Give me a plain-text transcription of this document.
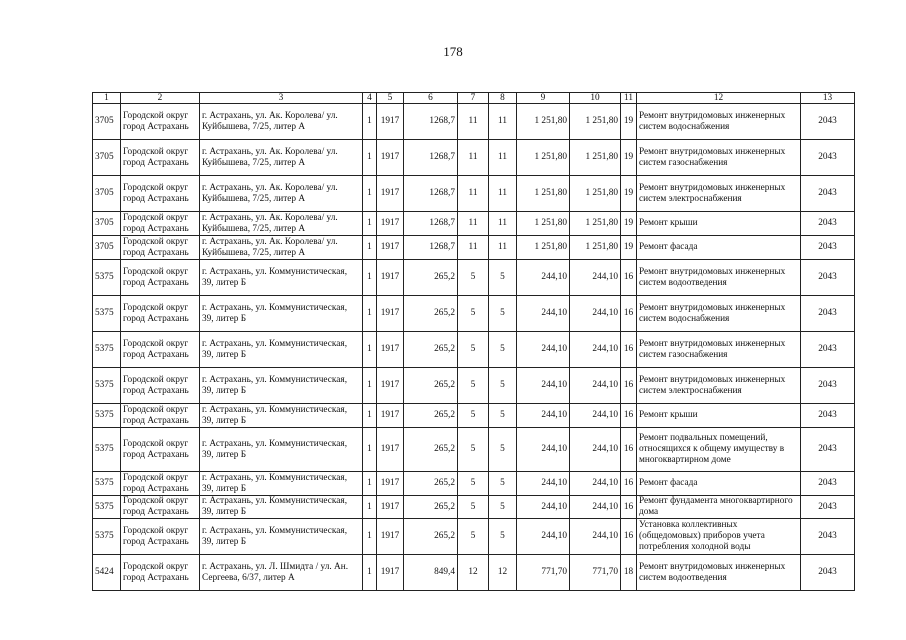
178
1	2	3	4	5	6	7	8	9	10	11	12	13
3705	Городской округ город Астрахань	г. Астрахань, ул. Ак. Королева/ ул. Куйбышева, 7/25, литер А	1	1917	1268,7	11	11	1 251,80	1 251,80	19	Ремонт внутридомовых инженерных систем водоснабжения	2043
3705	Городской округ город Астрахань	г. Астрахань, ул. Ак. Королева/ ул. Куйбышева, 7/25, литер А	1	1917	1268,7	11	11	1 251,80	1 251,80	19	Ремонт внутридомовых инженерных систем газоснабжения	2043
3705	Городской округ город Астрахань	г. Астрахань, ул. Ак. Королева/ ул. Куйбышева, 7/25, литер А	1	1917	1268,7	11	11	1 251,80	1 251,80	19	Ремонт внутридомовых инженерных систем электроснабжения	2043
3705	Городской округ город Астрахань	г. Астрахань, ул. Ак. Королева/ ул. Куйбышева, 7/25, литер А	1	1917	1268,7	11	11	1 251,80	1 251,80	19	Ремонт крыши	2043
3705	Городской округ город Астрахань	г. Астрахань, ул. Ак. Королева/ ул. Куйбышева, 7/25, литер А	1	1917	1268,7	11	11	1 251,80	1 251,80	19	Ремонт фасада	2043
5375	Городской округ город Астрахань	г. Астрахань, ул. Коммунистическая, 39, литер Б	1	1917	265,2	5	5	244,10	244,10	16	Ремонт внутридомовых инженерных систем водоотведения	2043
5375	Городской округ город Астрахань	г. Астрахань, ул. Коммунистическая, 39, литер Б	1	1917	265,2	5	5	244,10	244,10	16	Ремонт внутридомовых инженерных систем водоснабжения	2043
5375	Городской округ город Астрахань	г. Астрахань, ул. Коммунистическая, 39, литер Б	1	1917	265,2	5	5	244,10	244,10	16	Ремонт внутридомовых инженерных систем газоснабжения	2043
5375	Городской округ город Астрахань	г. Астрахань, ул. Коммунистическая, 39, литер Б	1	1917	265,2	5	5	244,10	244,10	16	Ремонт внутридомовых инженерных систем электроснабжения	2043
5375	Городской округ город Астрахань	г. Астрахань, ул. Коммунистическая, 39, литер Б	1	1917	265,2	5	5	244,10	244,10	16	Ремонт крыши	2043
5375	Городской округ город Астрахань	г. Астрахань, ул. Коммунистическая, 39, литер Б	1	1917	265,2	5	5	244,10	244,10	16	Ремонт подвальных помещений, относящихся к общему имуществу в многоквартирном доме	2043
5375	Городской округ город Астрахань	г. Астрахань, ул. Коммунистическая, 39, литер Б	1	1917	265,2	5	5	244,10	244,10	16	Ремонт фасада	2043
5375	Городской округ город Астрахань	г. Астрахань, ул. Коммунистическая, 39, литер Б	1	1917	265,2	5	5	244,10	244,10	16	Ремонт фундамента многоквартирного дома	2043
5375	Городской округ город Астрахань	г. Астрахань, ул. Коммунистическая, 39, литер Б	1	1917	265,2	5	5	244,10	244,10	16	Установка коллективных (общедомовых) приборов учета потребления холодной воды	2043
5424	Городской округ город Астрахань	г. Астрахань, ул. Л. Шмидта / ул. Ан. Сергеева, 6/37, литер А	1	1917	849,4	12	12	771,70	771,70	18	Ремонт внутридомовых инженерных систем водоотведения	2043
